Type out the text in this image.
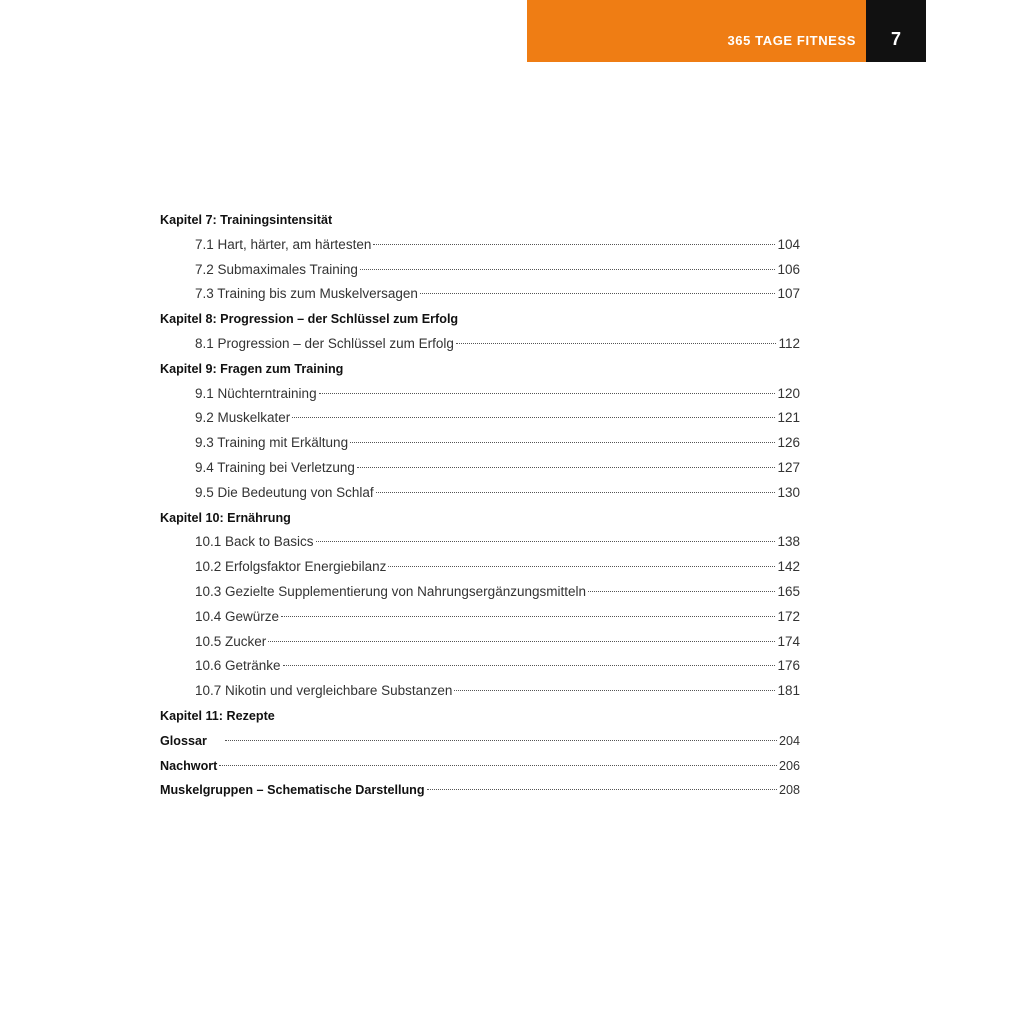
365 TAGE FITNESS	7
Kapitel 7: Trainingsintensität
7.1 Hart, härter, am härtesten	104
7.2 Submaximales Training	106
7.3 Training bis zum Muskelversagen	107
Kapitel 8: Progression – der Schlüssel zum Erfolg
8.1 Progression – der Schlüssel zum Erfolg	112
Kapitel 9: Fragen zum Training
9.1 Nüchterntraining	120
9.2 Muskelkater	121
9.3 Training mit Erkältung	126
9.4 Training bei Verletzung	127
9.5 Die Bedeutung von Schlaf	130
Kapitel 10: Ernährung
10.1 Back to Basics	138
10.2 Erfolgsfaktor Energiebilanz	142
10.3 Gezielte Supplementierung von Nahrungsergänzungsmitteln	165
10.4 Gewürze	172
10.5 Zucker	174
10.6 Getränke	176
10.7 Nikotin und vergleichbare Substanzen	181
Kapitel 11: Rezepte
Glossar	204
Nachwort	206
Muskelgruppen – Schematische Darstellung	208
